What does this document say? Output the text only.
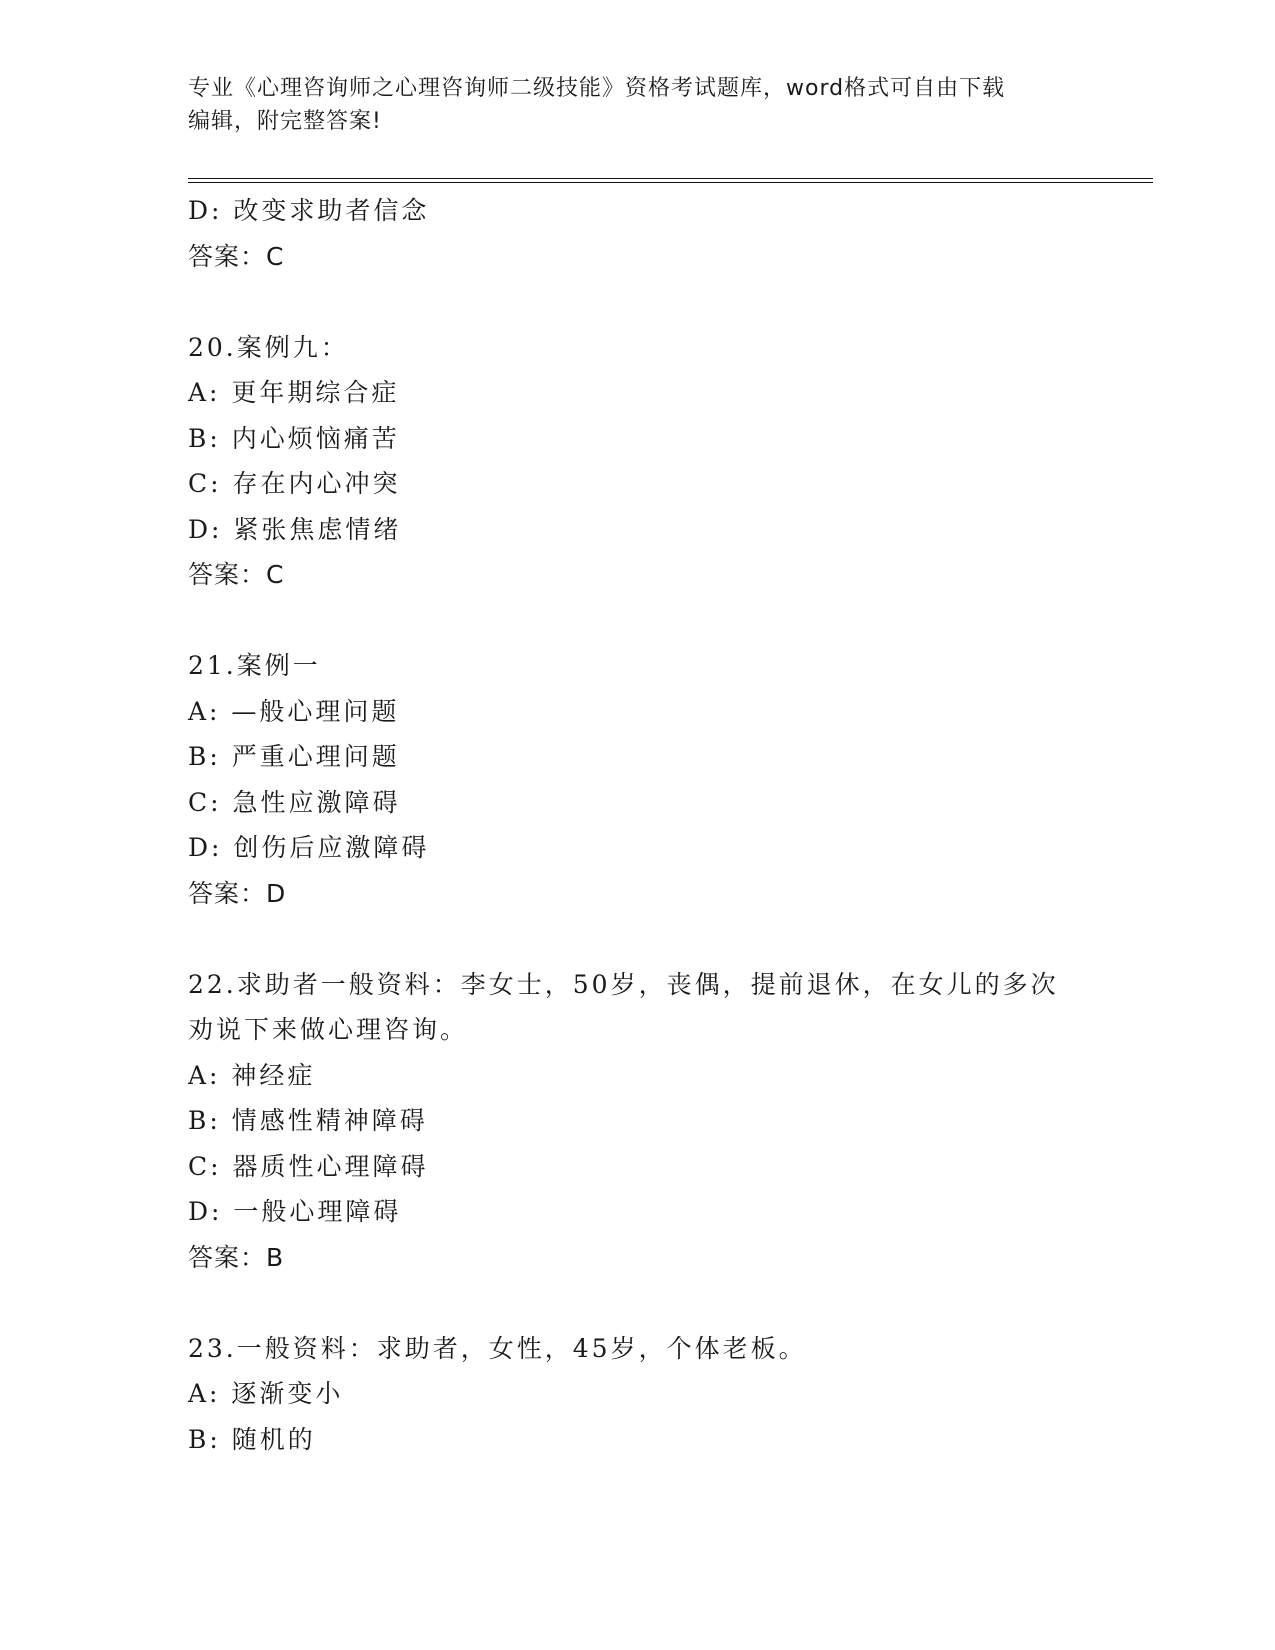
专业《心理咨询师之心理咨询师二级技能》资格考试题库，word格式可自由下载
编辑，附完整答案!
D: 改变求助者信念
答案：C
20.案例九：
A: 更年期综合症
B: 内心烦恼痛苦
C: 存在内心冲突
D: 紧张焦虑情绪
答案：C
21.案例一
A: —般心理问题
B: 严重心理问题
C: 急性应激障碍
D: 创伤后应激障碍
答案：D
22.求助者一般资料：李女士，50岁，丧偶，提前退休，在女儿的多次
劝说下来做心理咨询。
A: 神经症
B: 情感性精神障碍
C: 器质性心理障碍
D: 一般心理障碍
答案：B
23.一般资料：求助者，女性，45岁，个体老板。
A: 逐渐变小
B: 随机的
